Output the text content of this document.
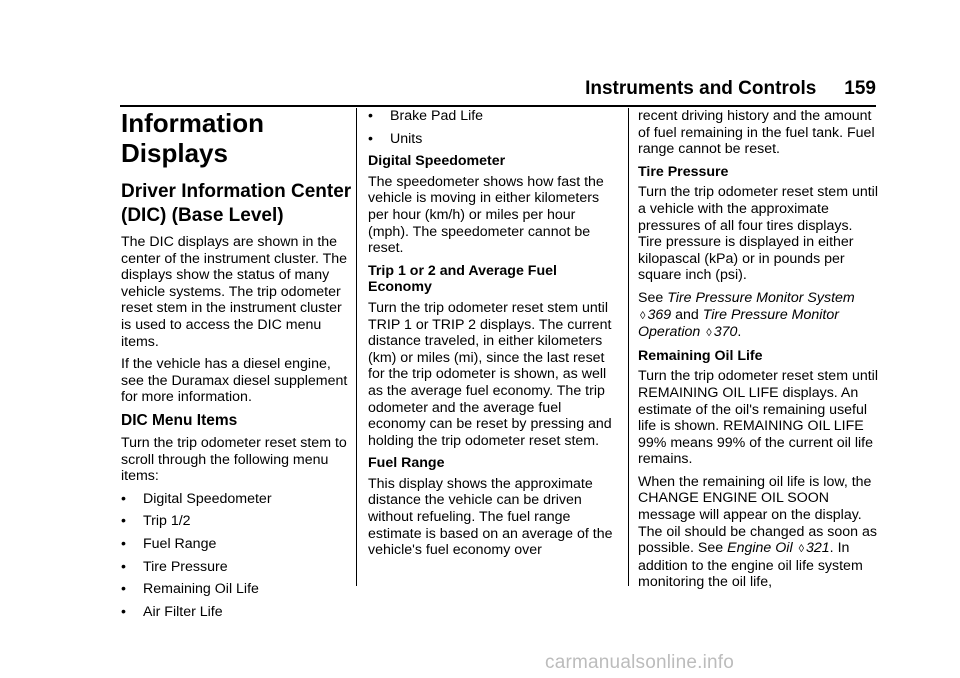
Instruments and Controls 159
Information Displays
Driver Information Center (DIC) (Base Level)

The DIC displays are shown in the center of the instrument cluster. The displays show the status of many vehicle systems. The trip odometer reset stem in the instrument cluster is used to access the DIC menu items.

If the vehicle has a diesel engine, see the Duramax diesel supplement for more information.

DIC Menu Items

Turn the trip odometer reset stem to scroll through the following menu items:

•	Digital Speedometer
•	Trip 1/2
•	Fuel Range
•	Tire Pressure
•	Remaining Oil Life
•	Air Filter Life
•	Brake Pad Life
•	Units

Digital Speedometer

The speedometer shows how fast the vehicle is moving in either kilometers per hour (km/h) or miles per hour (mph). The speedometer cannot be reset.

Trip 1 or 2 and Average Fuel Economy

Turn the trip odometer reset stem until TRIP 1 or TRIP 2 displays. The current distance traveled, in either kilometers (km) or miles (mi), since the last reset for the trip odometer is shown, as well as the average fuel economy. The trip odometer and the average fuel economy can be reset by pressing and holding the trip odometer reset stem.

Fuel Range

This display shows the approximate distance the vehicle can be driven without refueling. The fuel range estimate is based on an average of the vehicle's fuel economy over

recent driving history and the amount of fuel remaining in the fuel tank. Fuel range cannot be reset.

Tire Pressure

Turn the trip odometer reset stem until a vehicle with the approximate pressures of all four tires displays. Tire pressure is displayed in either kilopascal (kPa) or in pounds per square inch (psi).

See Tire Pressure Monitor System ◊ 369 and Tire Pressure Monitor Operation ◊ 370.

Remaining Oil Life

Turn the trip odometer reset stem until REMAINING OIL LIFE displays. An estimate of the oil's remaining useful life is shown. REMAINING OIL LIFE 99% means 99% of the current oil life remains.

When the remaining oil life is low, the CHANGE ENGINE OIL SOON message will appear on the display. The oil should be changed as soon as possible. See Engine Oil ◊ 321. In addition to the engine oil life system monitoring the oil life,

carmanualsonline.info
